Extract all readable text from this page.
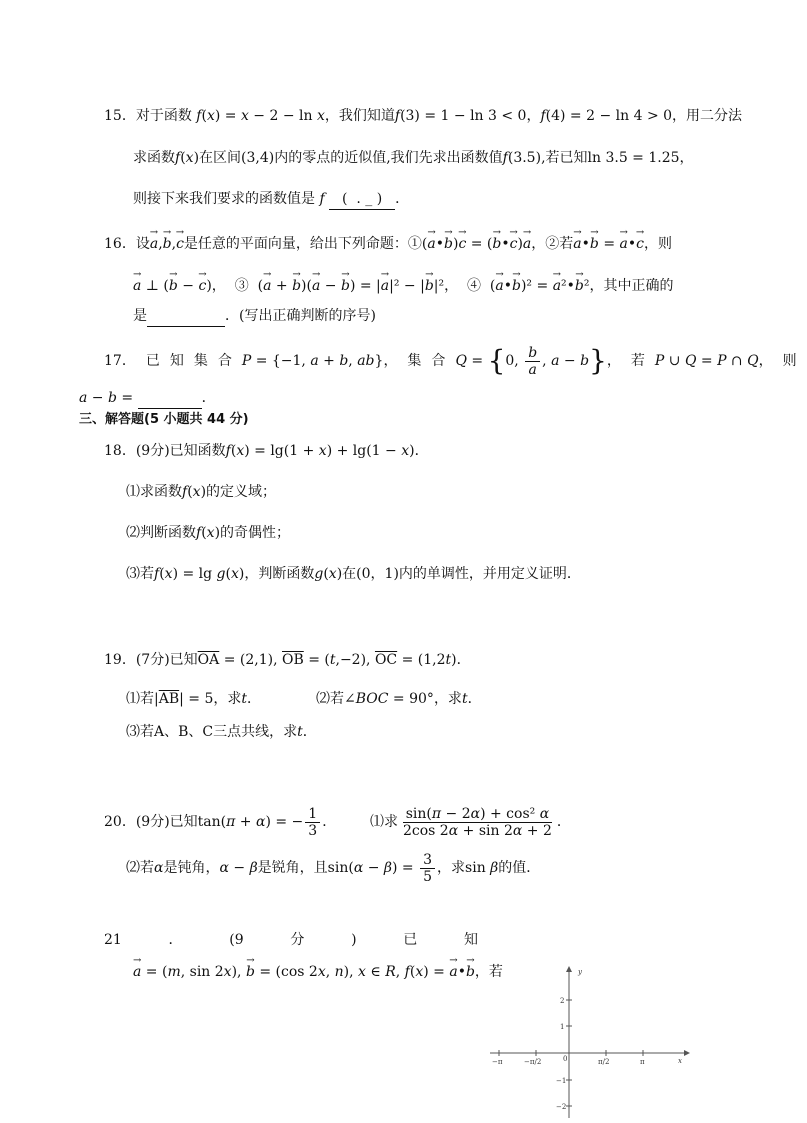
15．对于函数 f(x) = x − 2 − ln x，我们知道f(3) = 1 − ln 3 < 0，f(4) = 2 − ln 4 > 0，用二分法
求函数f(x)在区间(3,4)内的零点的近似值,我们先求出函数值f(3.5),若已知ln 3.5 = 1.25，
则接下来我们要求的函数值是 f (  . _ ) ．
16．设→ a,→ b,→ c是任意的平面向量，给出下列命题：①(→ a•→ b)→ c = (→ b•→ c)→ a，②若→ a•→ b = → a•→ c，则
→ a ⊥ (→ b − → c)，  ③  (→ a + → b)(→ a − → b) = |→ a|² − |→ b|²，  ④  (→ a•→ b)² = → a²•→ b²，其中正确的
是	．(写出正确判断的序号)
17．已知集合P = {−1, a + b, ab}，集合Q = {0, $\frac{b}{a}$ , a − b}，若P ∪ Q = P ∩ Q，则
a − b =	．
三、解答题(5 小题共 44 分)
18．(9分)已知函数f(x) = lg(1 + x) + lg(1 − x)．
⑴求函数f(x)的定义域；
⑵判断函数f(x)的奇偶性；
⑶若f(x) = lg g(x)，判断函数g(x)在(0，1)内的单调性，并用定义证明．
19．(7分)已知$\overline{OA} = (2,1)$, $\overline{OB} = (t,-2)$, $\overline{OC} = (1,2t)$．
⑴若$|\overline{AB}| = 5$，求t．	⑵若∠BOC = 90°，求t．
⑶若A、B、C三点共线，求t．
20．(9分)已知tan(π + α) = − $\frac{1}{3}$ ． ⑴求 $\frac{\text{sin(π − 2α) + cos² α}}{2\cos 2\alpha + \sin 2\alpha + 2}$ ．
⑵若α是钝角，α − β是锐角，且$\sin(\alpha - \beta) = \frac{3}{5}$ ，求sin β的值．
21	．	(9	分	)	已	知
→ a = (m, sin 2x), → b = (cos 2x, n), x ∈ R, f(x) = → a•→ b，若	y
x
0
2
1
−1
−2
−π	−π/2	π/2	π
